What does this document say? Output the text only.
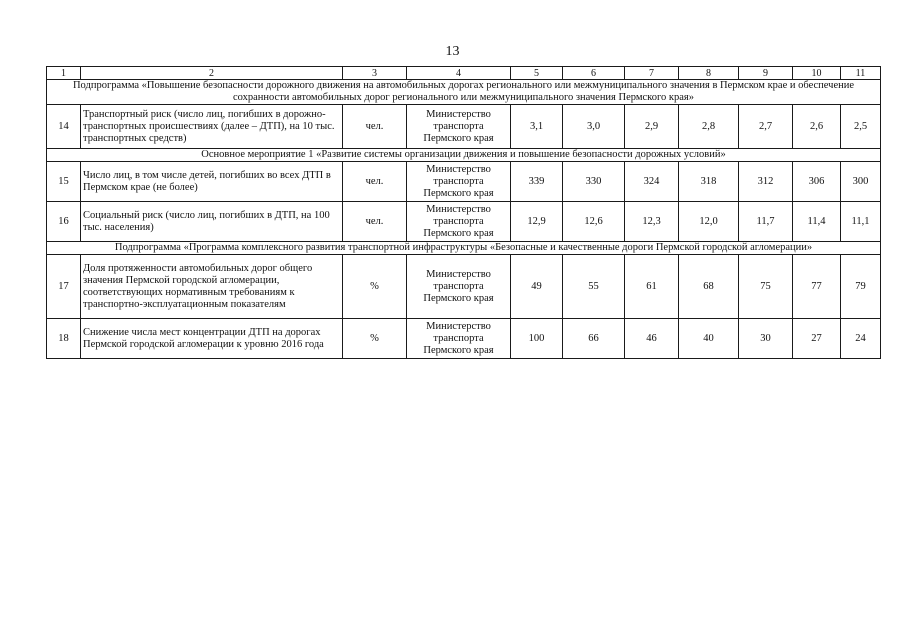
13
1	2	3	4	5	6	7	8	9	10	11
Подпрограмма «Повышение безопасности дорожного движения на автомобильных дорогах регионального или межмуниципального значения в Пермском крае и обеспечение сохранности автомобильных дорог регионального или межмуниципального значения Пермского края»										
14	Транспортный риск (число лиц, погибших в дорожно-транспортных происшествиях (далее – ДТП), на 10 тыс. транспортных средств)	чел.	Министерство транспорта Пермского края	3,1	3,0	2,9	2,8	2,7	2,6	2,5
Основное мероприятие 1 «Развитие системы организации движения и повышение безопасности дорожных условий»										
15	Число лиц, в том числе детей, погибших во всех ДТП в Пермском крае (не более)	чел.	Министерство транспорта Пермского края	339	330	324	318	312	306	300
16	Социальный риск (число лиц, погибших в ДТП, на 100 тыс. населения)	чел.	Министерство транспорта Пермского края	12,9	12,6	12,3	12,0	11,7	11,4	11,1
Подпрограмма «Программа комплексного развития транспортной инфраструктуры «Безопасные и качественные дороги Пермской городской агломерации»										
17	Доля протяженности автомобильных дорог общего значения Пермской городской агломерации, соответствующих нормативным требованиям к транспортно-эксплуатационным показателям	%	Министерство транспорта Пермского края	49	55	61	68	75	77	79
18	Снижение числа мест концентрации ДТП на дорогах Пермской городской агломерации к уровню 2016 года	%	Министерство транспорта Пермского края	100	66	46	40	30	27	24
